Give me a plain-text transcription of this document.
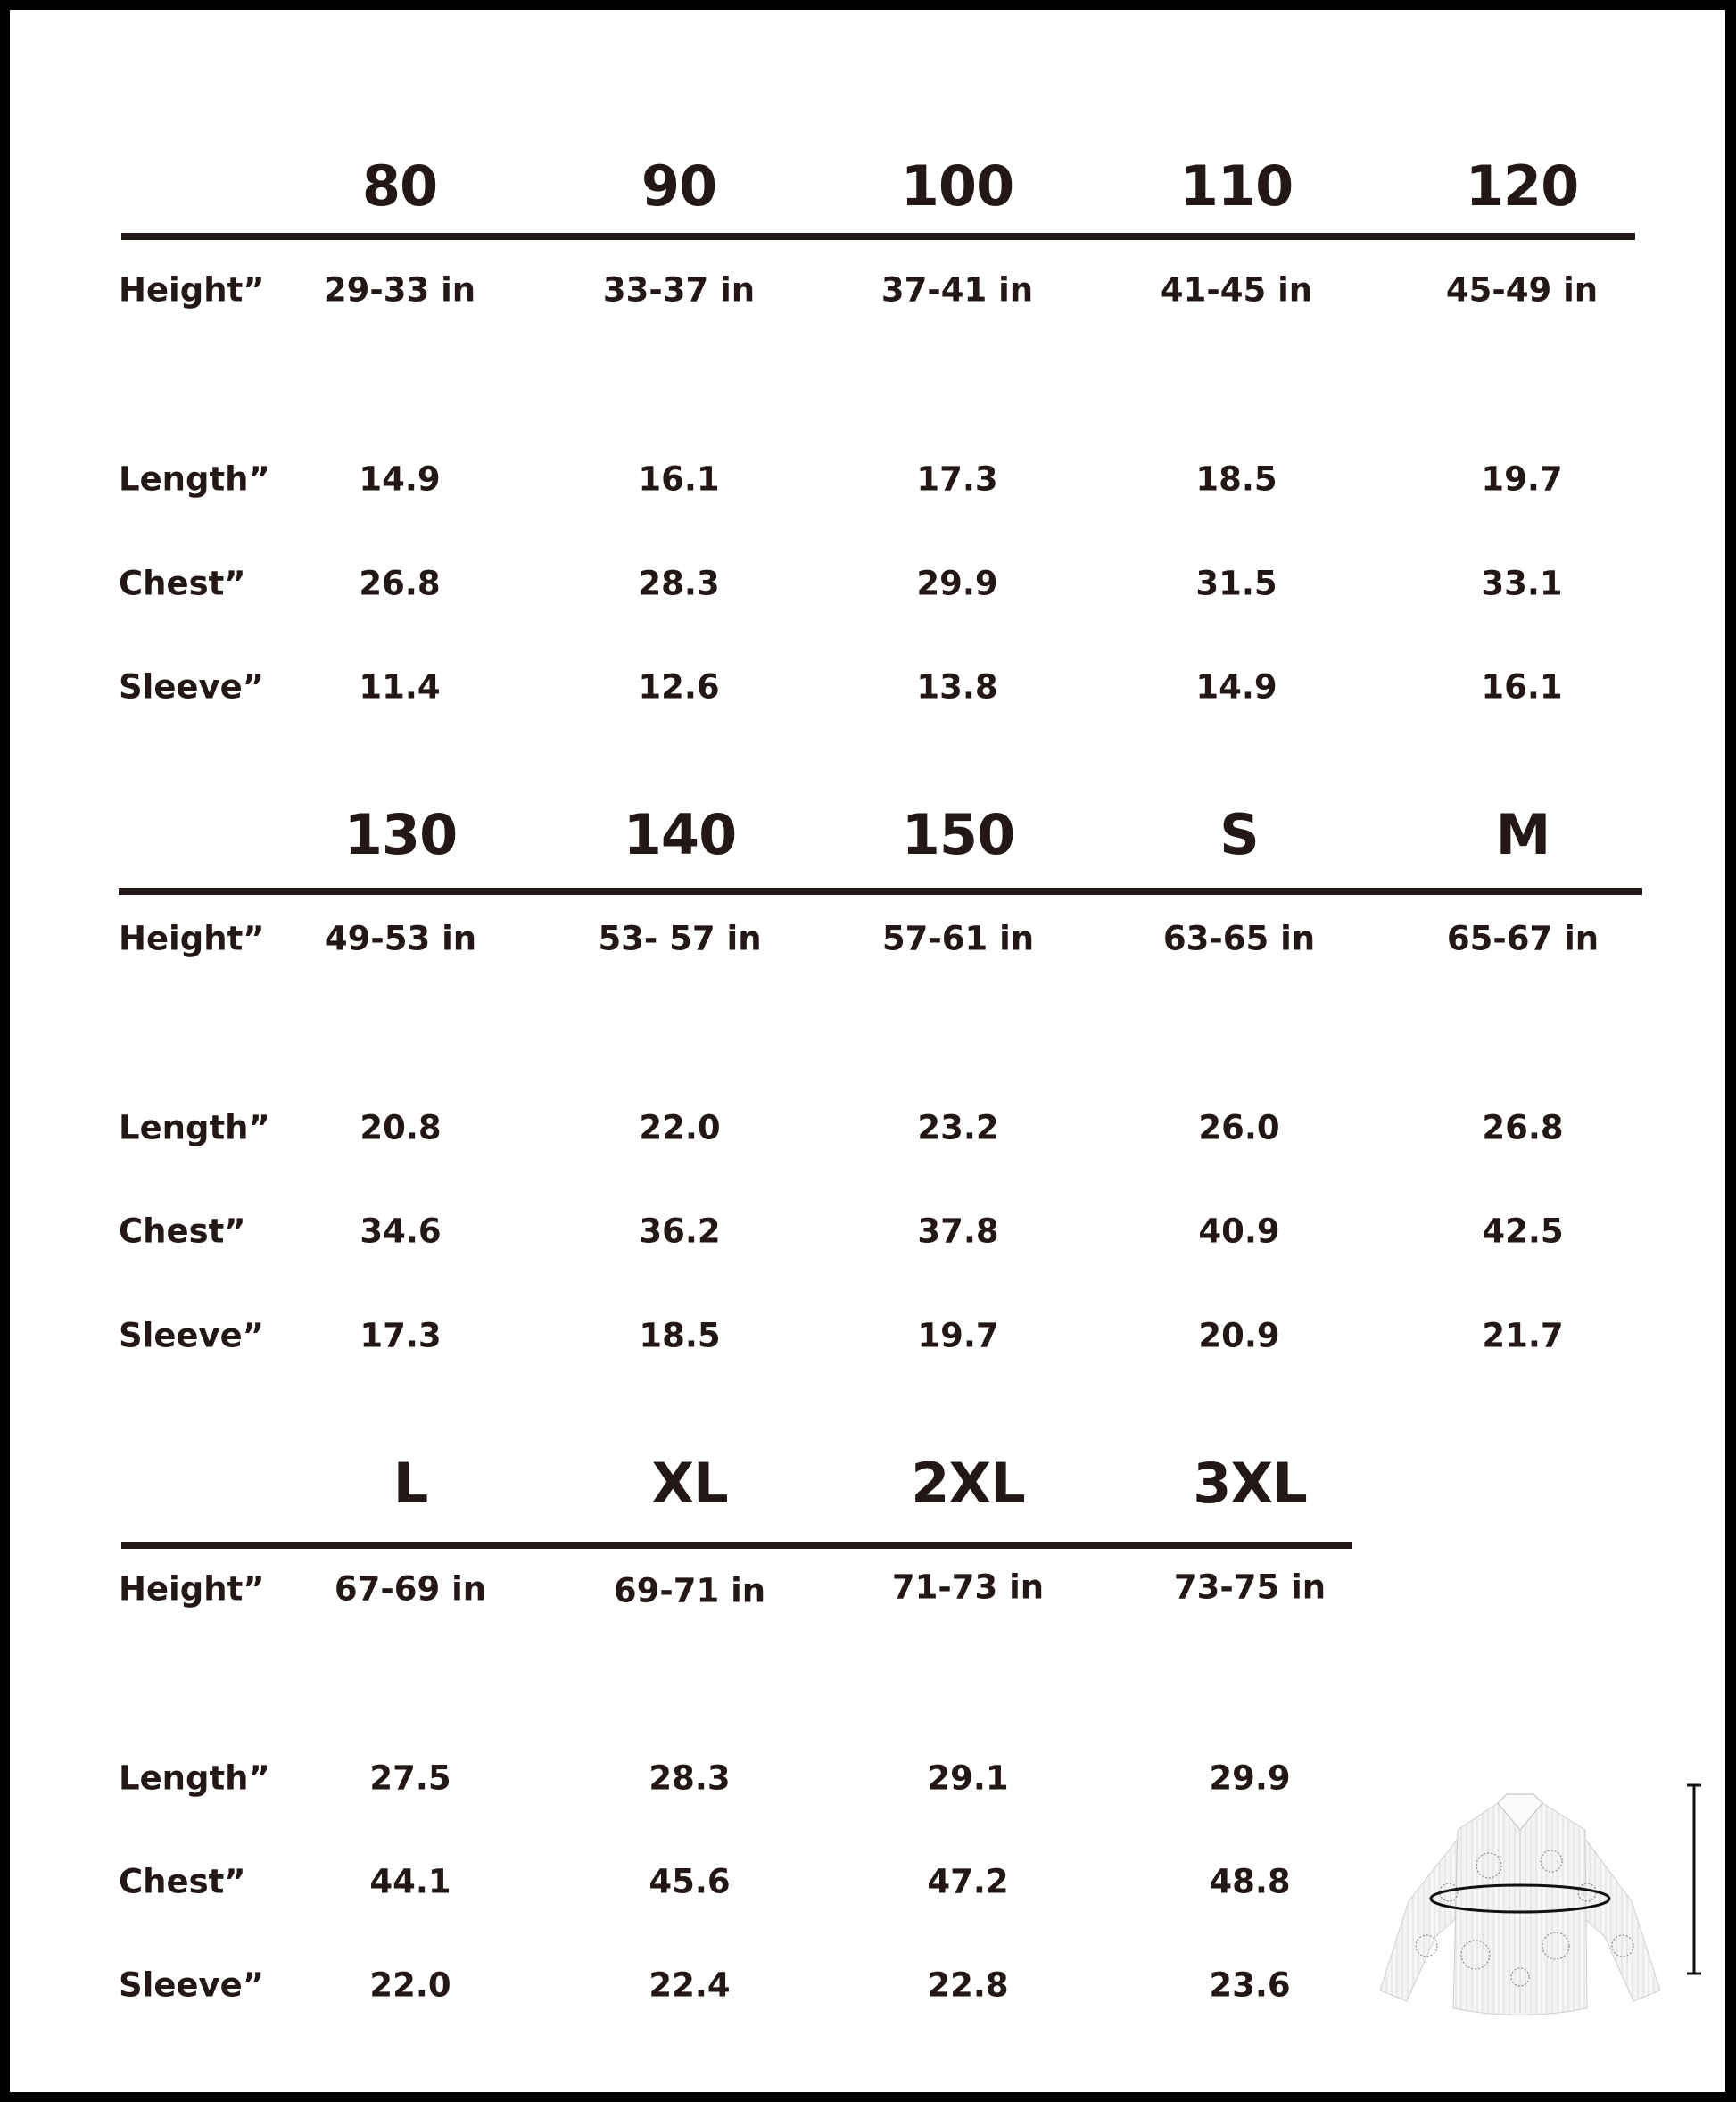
80	90	100	110	120
Height” 29-33 in	33-37 in	37-41 in	41-45 in	45-49 in
Length”	14.9	16.1	17.3	18.5	19.7
Chest”	26.8	28.3	29.9	31.5	33.1
Sleeve”	11.4	12.6	13.8	14.9	16.1
130	140	150	S	M
Height” 49-53 in	53- 57 in	57-61 in	63-65 in	65-67 in
Length”	20.8	22.0	23.2	26.0	26.8
Chest”	34.6	36.2	37.8	40.9	42.5
Sleeve”	17.3	18.5	19.7	20.9	21.7
L	XL	2XL	3XL
Height” 67-69 in	69-71 in	71-73 in	73-75 in
Length”	27.5	28.3	29.1	29.9
Chest”	44.1	45.6	47.2	48.8
Sleeve”	22.0	22.4	22.8	23.6
